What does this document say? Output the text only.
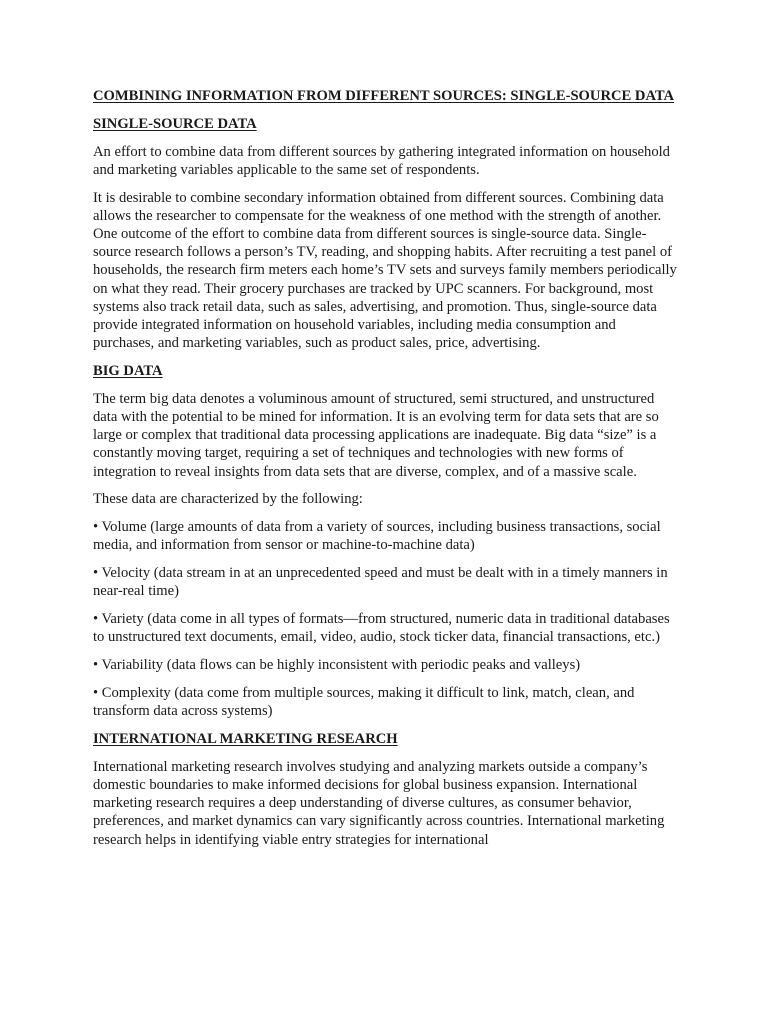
COMBINING INFORMATION FROM DIFFERENT SOURCES: SINGLE-SOURCE DATA

SINGLE-SOURCE DATA

An effort to combine data from different sources by gathering integrated information on household and marketing variables applicable to the same set of respondents.

It is desirable to combine secondary information obtained from different sources. Combining data allows the researcher to compensate for the weakness of one method with the strength of another. One outcome of the effort to combine data from different sources is single-source data. Single-source research follows a person’s TV, reading, and shopping habits. After recruiting a test panel of households, the research firm meters each home’s TV sets and surveys family members periodically on what they read. Their grocery purchases are tracked by UPC scanners. For background, most systems also track retail data, such as sales, advertising, and promotion. Thus, single-source data provide integrated information on household variables, including media consumption and purchases, and marketing variables, such as product sales, price, advertising.

BIG DATA

The term big data denotes a voluminous amount of structured, semi structured, and unstructured data with the potential to be mined for information. It is an evolving term for data sets that are so large or complex that traditional data processing applications are inadequate. Big data “size” is a constantly moving target, requiring a set of techniques and technologies with new forms of integration to reveal insights from data sets that are diverse, complex, and of a massive scale.

These data are characterized by the following:

• Volume (large amounts of data from a variety of sources, including business transactions, social media, and information from sensor or machine-to-machine data)

• Velocity (data stream in at an unprecedented speed and must be dealt with in a timely manners in near-real time)

• Variety (data come in all types of formats—from structured, numeric data in traditional databases to unstructured text documents, email, video, audio, stock ticker data, financial transactions, etc.)

• Variability (data flows can be highly inconsistent with periodic peaks and valleys)

• Complexity (data come from multiple sources, making it difficult to link, match, clean, and transform data across systems)

INTERNATIONAL MARKETING RESEARCH

International marketing research involves studying and analyzing markets outside a company’s domestic boundaries to make informed decisions for global business expansion. International marketing research requires a deep understanding of diverse cultures, as consumer behavior, preferences, and market dynamics can vary significantly across countries. International marketing research helps in identifying viable entry strategies for international
